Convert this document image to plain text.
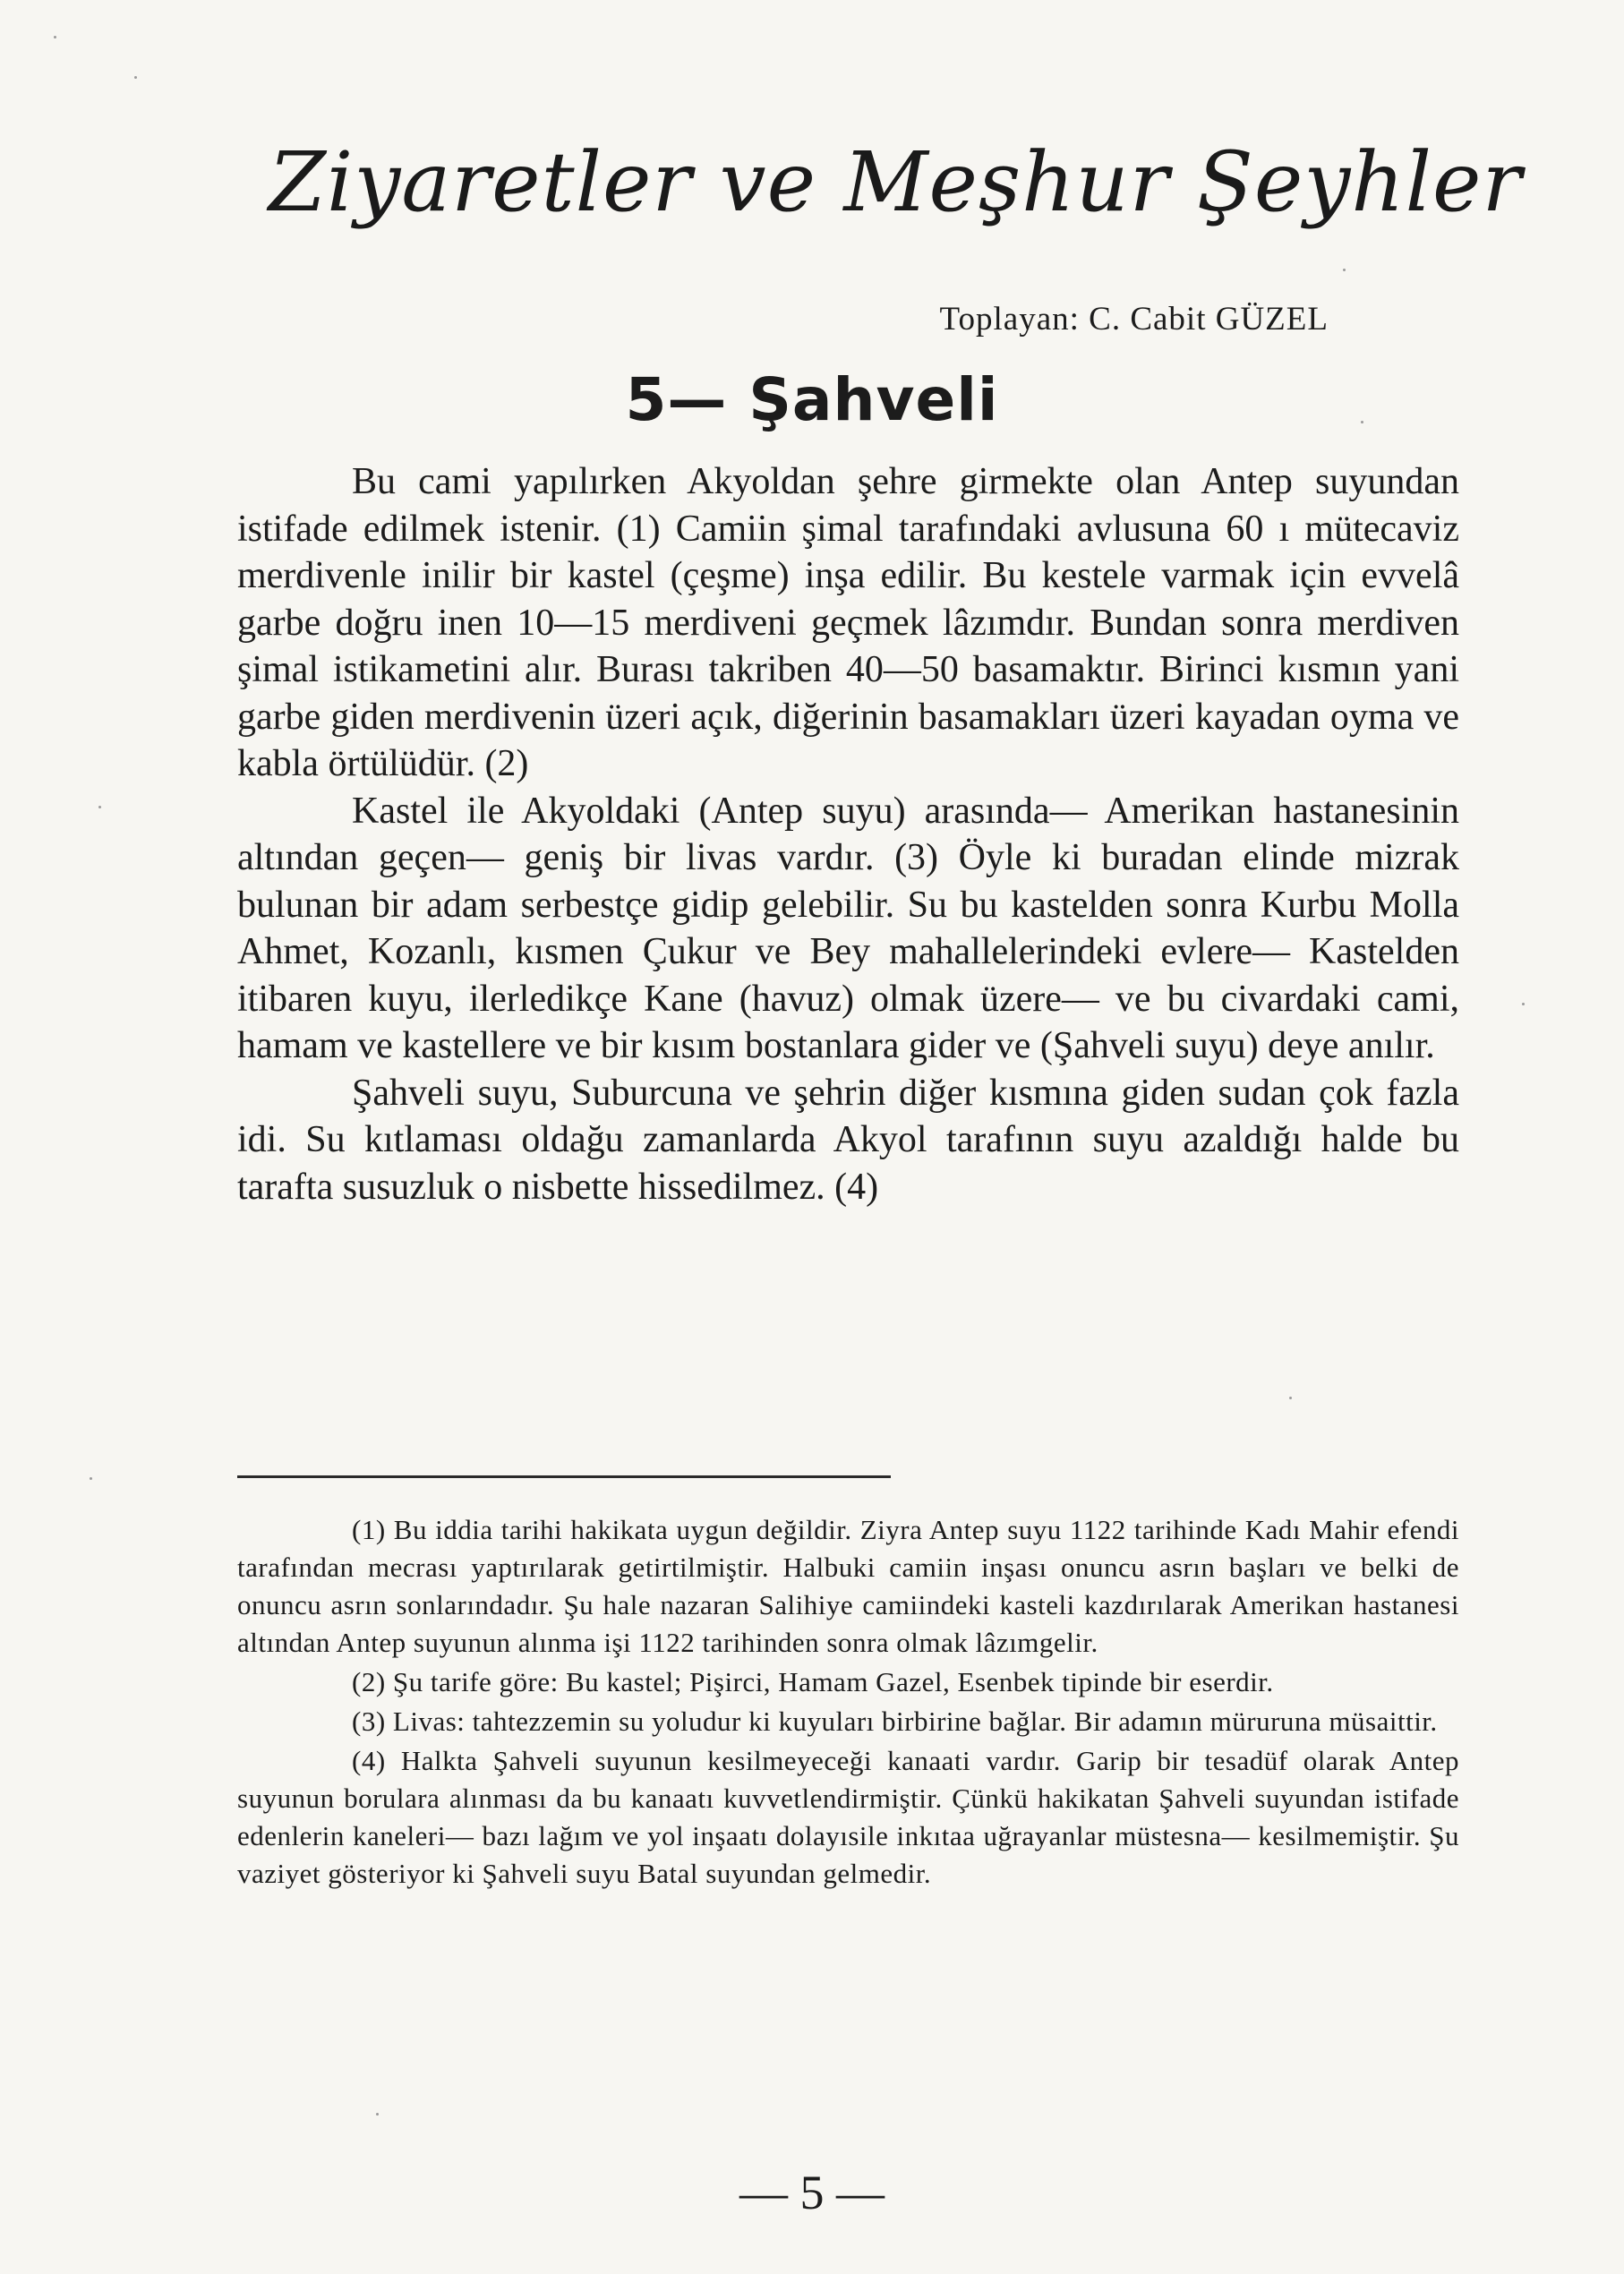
Ziyaretler ve Meşhur Şeyhler

Toplayan: C. Cabit GÜZEL

5— Şahveli

Bu cami yapılırken Akyoldan şehre girmekte olan Antep suyundan istifade edilmek istenir. (1) Camiin şimal tarafındaki avlusuna 60 ı mütecaviz merdivenle inilir bir kastel (çeşme) inşa edilir. Bu kestele varmak için evvelâ garbe doğru inen 10—15 merdiveni geçmek lâzımdır. Bundan sonra merdiven şimal istikametini alır. Burası takriben 40—50 basamaktır. Birinci kısmın yani garbe giden merdivenin üzeri açık, diğerinin basamakları üzeri kayadan oyma ve kabla örtülüdür. (2)

Kastel ile Akyoldaki (Antep suyu) arasında— Amerikan hastanesinin altından geçen— geniş bir livas vardır. (3) Öyle ki buradan elinde mizrak bulunan bir adam serbestçe gidip gelebilir. Su bu kastelden sonra Kurbu Molla Ahmet, Kozanlı, kısmen Çukur ve Bey mahallelerindeki evlere— Kastelden itibaren kuyu, ilerledikçe Kane (havuz) olmak üzere— ve bu civardaki cami, hamam ve kastellere ve bir kısım bostanlara gider ve (Şahveli suyu) deye anılır.

Şahveli suyu, Suburcuna ve şehrin diğer kısmına giden sudan çok fazla idi. Su kıtlaması oldağu zamanlarda Akyol tarafının suyu azaldığı halde bu tarafta susuzluk o nisbette hissedilmez. (4)

(1) Bu iddia tarihi hakikata uygun değildir. Ziyra Antep suyu 1122 tarihinde Kadı Mahir efendi tarafından mecrası yaptırılarak getirtilmiştir. Halbuki camiin inşası onuncu asrın başları ve belki de onuncu asrın sonlarındadır. Şu hale nazaran Salihiye camiindeki kasteli kazdırılarak Amerikan hastanesi altından Antep suyunun alınma işi 1122 tarihinden sonra olmak lâzımgelir.

(2) Şu tarife göre: Bu kastel; Pişirci, Hamam Gazel, Esenbek tipinde bir eserdir.

(3) Livas: tahtezzemin su yoludur ki kuyuları birbirine bağlar. Bir adamın müruruna müsaittir.

(4) Halkta Şahveli suyunun kesilmeyeceği kanaati vardır. Garip bir tesadüf olarak Antep suyunun borulara alınması da bu kanaatı kuvvetlendirmiştir. Çünkü hakikatan Şahveli suyundan istifade edenlerin kaneleri— bazı lağım ve yol inşaatı dolayısile inkıtaa uğrayanlar müstesna— kesilmemiştir. Şu vaziyet gösteriyor ki Şahveli suyu Batal suyundan gelmedir.

— 5 —
